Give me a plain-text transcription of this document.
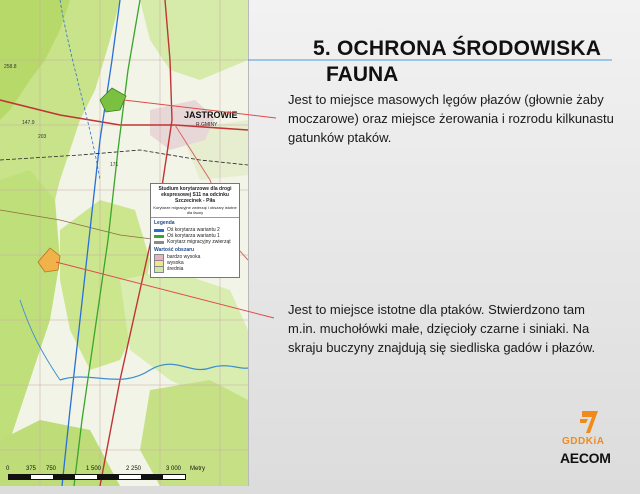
JASTROWIE
R.GMINY
258.8
203
147.9
171
Studium korytarzowe dla drogi ekspresowej S11 na odcinku Szczecinek - Piła
Korytarze migracyjne zwierząt i obszary istotne dla fauny
Legenda
Oś korytarza wariantu 2
Oś korytarza wariantu 1
Korytarz migracyjny zwierząt
Wartość obszaru
bardzo wysoka
wysoka
średnia
0	375 750	1 500	2 250	3 000 Metry
5. OCHRONA ŚRODOWISKA
FAUNA
Jest to miejsce masowych lęgów płazów (głownie żaby moczarowe) oraz miejsce żerowania i rozrodu kilkunastu gatunków ptaków.
Jest to miejsce istotne dla ptaków. Stwierdzono tam m.in. muchołówki małe, dzięcioły czarne i siniaki. Na skraju buczyny znajdują się siedliska gadów i płazów.
GDDKiA
AECOM
